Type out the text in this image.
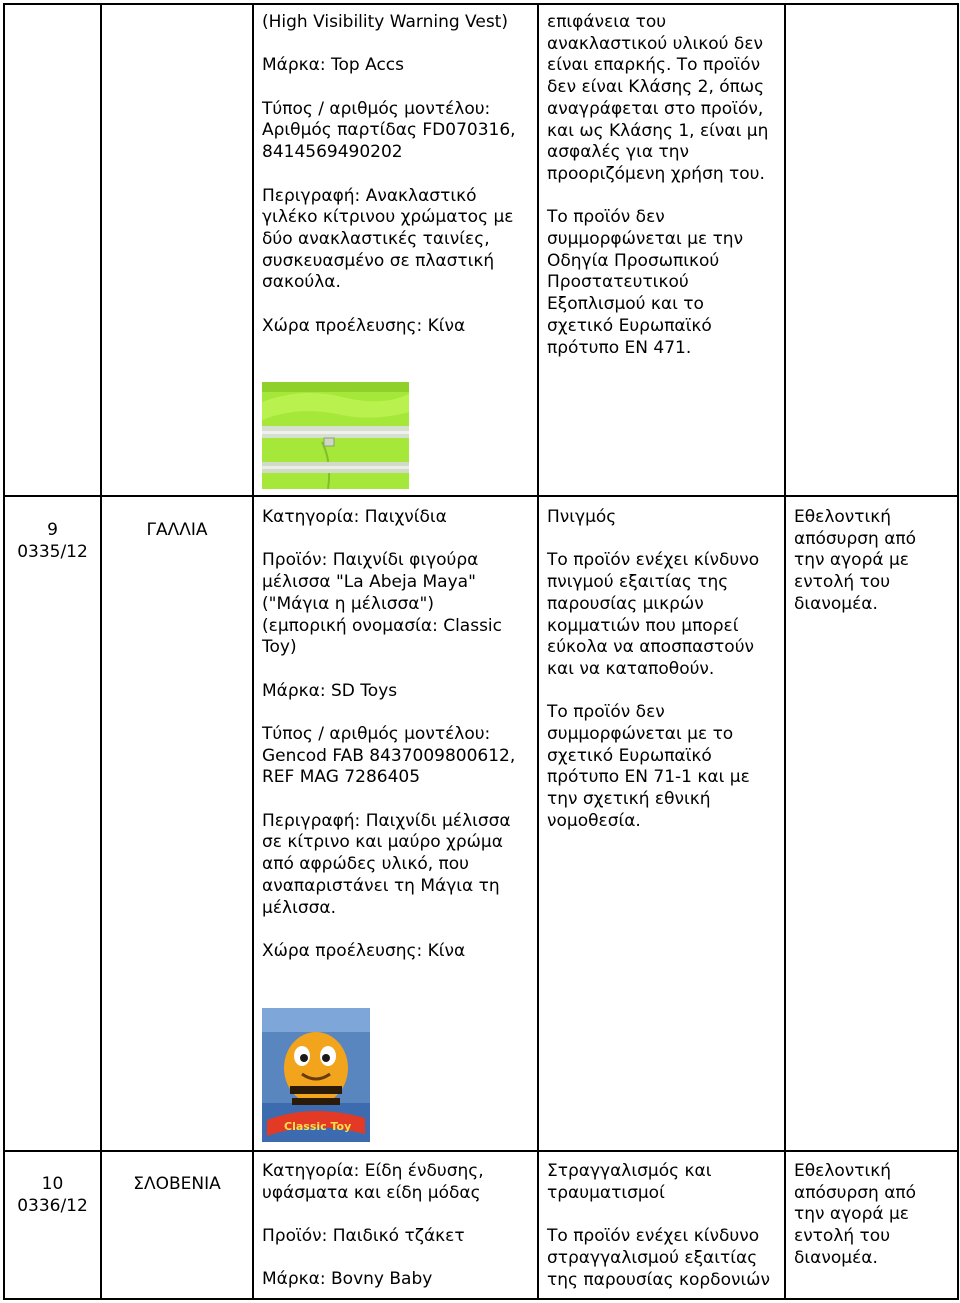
(High Visibility Warning Vest)

Μάρκα: Top Accs

Τύπος / αριθμός μοντέλου:
Αριθμός παρτίδας FD070316,
8414569490202

Περιγραφή: Ανακλαστικό
γιλέκο κίτρινου χρώματος με
δύο ανακλαστικές ταινίες,
συσκευασμένο σε πλαστική
σακούλα.

Χώρα προέλευσης: Κίνα

επιφάνεια του
ανακλαστικού υλικού δεν
είναι επαρκής. Το προϊόν
δεν είναι Κλάσης 2, όπως
αναγράφεται στο προϊόν,
και ως Κλάσης 1, είναι μη
ασφαλές για την
προοριζόμενη χρήση του.

Το προϊόν δεν
συμμορφώνεται με την
Οδηγία Προσωπικού
Προστατευτικού
Εξοπλισμού και το
σχετικό Ευρωπαϊκό
πρότυπο EN 471.

9
0335/12
ΓΑΛΛΙΑ

Κατηγορία: Παιχνίδια

Προϊόν: Παιχνίδι φιγούρα
μέλισσα "La Abeja Maya"
("Μάγια η μέλισσα")
(εμπορική ονομασία: Classic
Toy)

Μάρκα: SD Toys

Τύπος / αριθμός μοντέλου:
Gencod FAB 8437009800612,
REF MAG 7286405

Περιγραφή: Παιχνίδι μέλισσα
σε κίτρινο και μαύρο χρώμα
από αφρώδες υλικό, που
αναπαριστάνει τη Μάγια τη
μέλισσα.

Χώρα προέλευσης: Κίνα

Classic Toy

Πνιγμός

Το προϊόν ενέχει κίνδυνο
πνιγμού εξαιτίας της
παρουσίας μικρών
κομματιών που μπορεί
εύκολα να αποσπαστούν
και να καταποθούν.

Το προϊόν δεν
συμμορφώνεται με το
σχετικό Ευρωπαϊκό
πρότυπο EN 71-1 και με
την σχετική εθνική
νομοθεσία.

Εθελοντική
απόσυρση από
την αγορά με
εντολή του
διανομέα.

10
0336/12
ΣΛΟΒΕΝΙΑ

Κατηγορία: Είδη ένδυσης,
υφάσματα και είδη μόδας

Προϊόν: Παιδικό τζάκετ

Μάρκα: Bovny Baby

Στραγγαλισμός και
τραυματισμοί

Το προϊόν ενέχει κίνδυνο
στραγγαλισμού εξαιτίας
της παρουσίας κορδονιών

Εθελοντική
απόσυρση από
την αγορά με
εντολή του
διανομέα.
